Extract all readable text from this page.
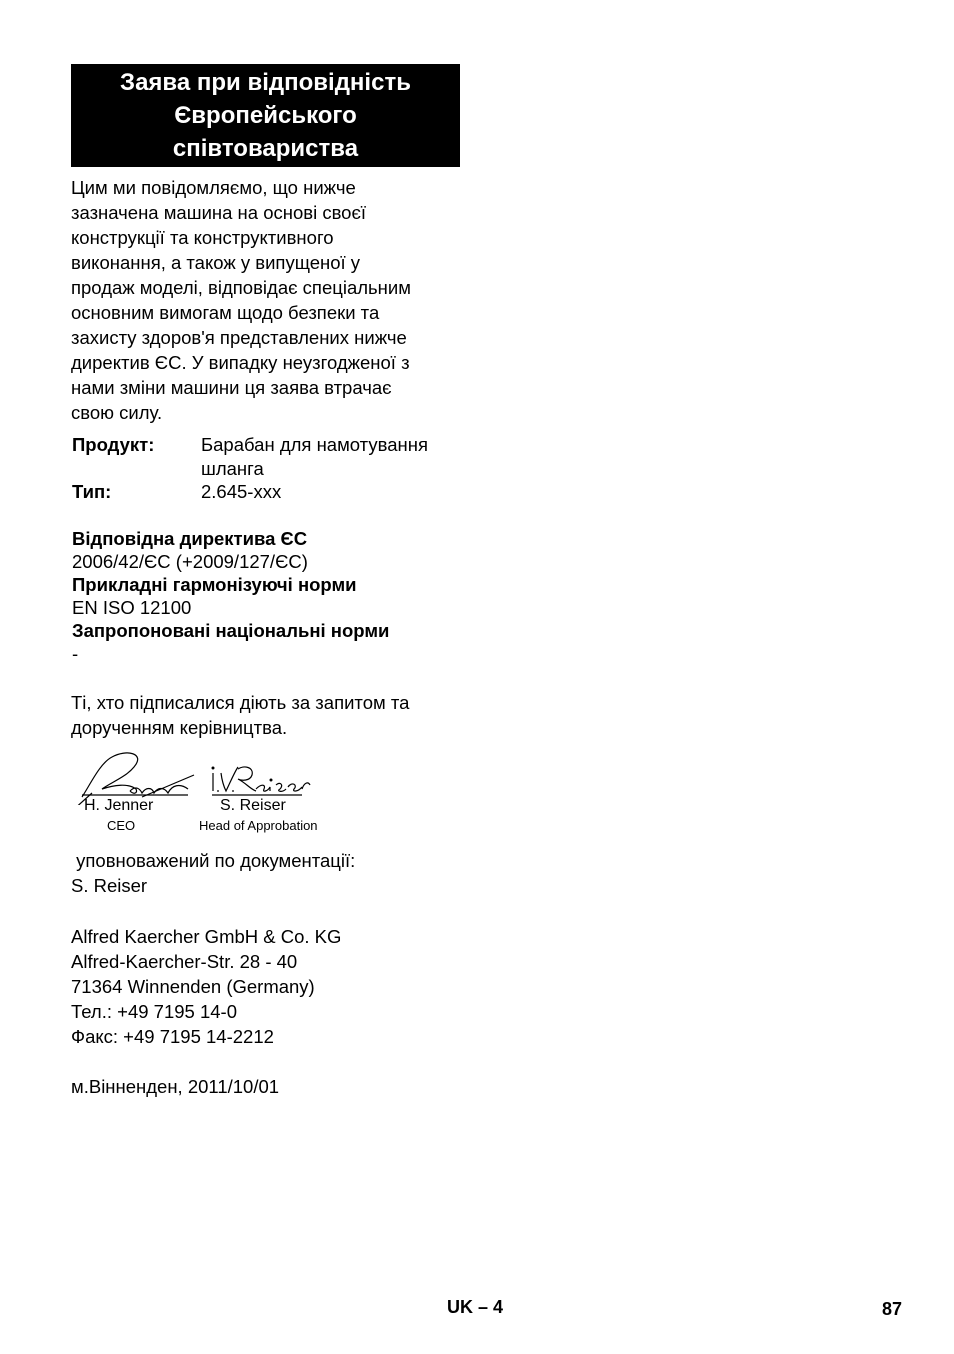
Заява при відповідність
Європейського
співтовариства
Цим ми повідомляємо, що нижче
зазначена машина на основі своєї
конструкції та конструктивного
виконання, а також у випущеної у
продаж моделі, відповідає спеціальним
основним вимогам щодо безпеки та
захисту здоров'я представлених нижче
директив ЄС. У випадку неузгодженої з
нами зміни машини ця заява втрачає
свою силу.
Продукт:	Барабан для намотування
шланга
Тип:	2.645-xxx
Відповідна директива ЄС
2006/42/ЄС (+2009/127/ЄС)
Прикладні гармонізуючі норми
EN ISO 12100
Запропоновані національні норми
-
Ті, хто підписалися діють за запитом та
дорученням керівництва.
H. Jenner
CEO
S. Reiser
Head of Approbation
уповноважений по документації:
S. Reiser
Alfred Kaercher GmbH & Co. KG
Alfred-Kaercher-Str. 28 - 40
71364 Winnenden (Germany)
Тел.: +49 7195 14-0
Факс: +49 7195 14-2212
м.Вінненден, 2011/10/01
UK – 4	87
